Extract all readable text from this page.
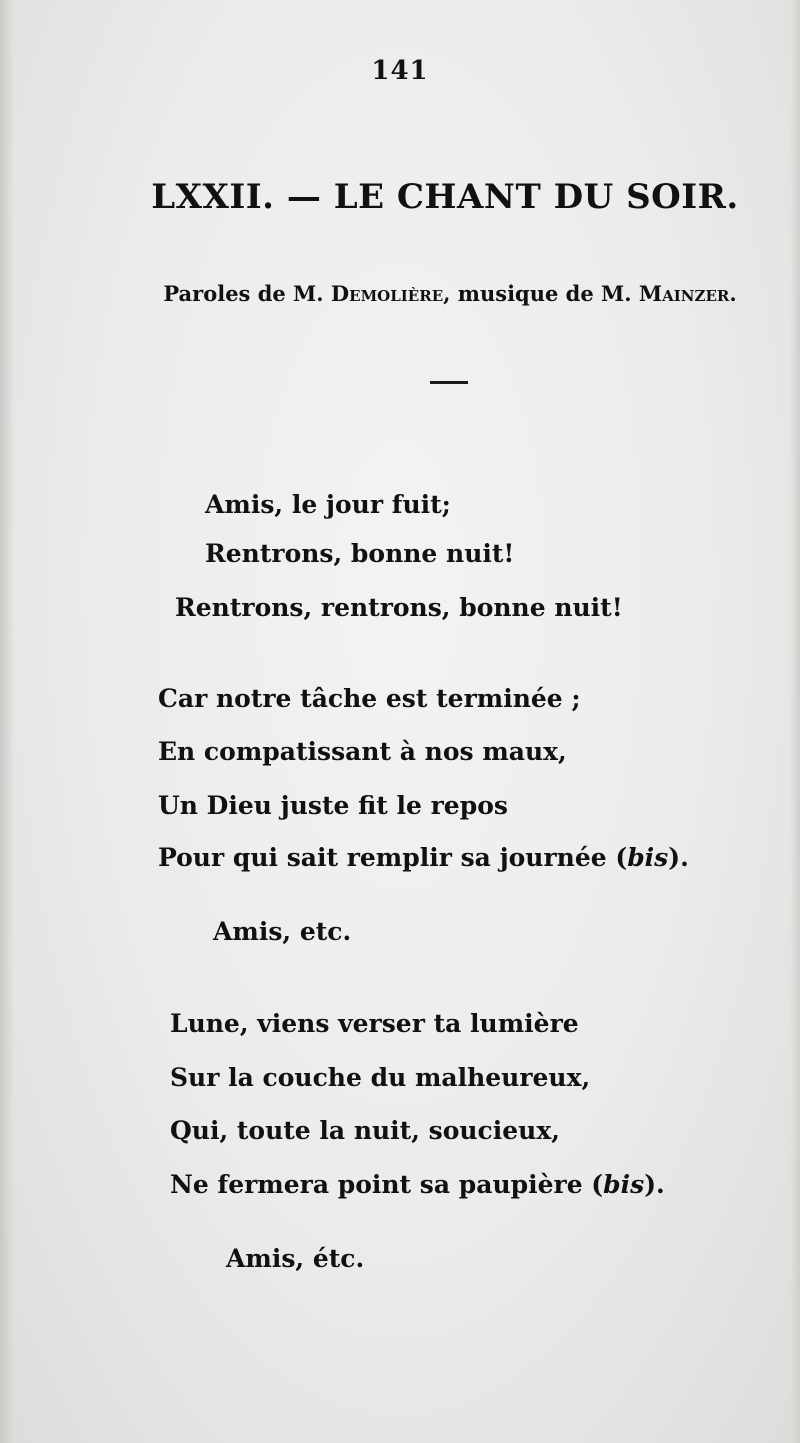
141

LXXII. — LE CHANT DU SOIR.

Paroles de M. Demolière, musique de M. Mainzer.

Amis, le jour fuit;

Rentrons, bonne nuit!

Rentrons, rentrons, bonne nuit!

Car notre tâche est terminée ;

En compatissant à nos maux,

Un Dieu juste fit le repos

Pour qui sait remplir sa journée (bis).

Amis, etc.

Lune, viens verser ta lumière

Sur la couche du malheureux,

Qui, toute la nuit, soucieux,

Ne fermera point sa paupière (bis).

Amis, étc.
